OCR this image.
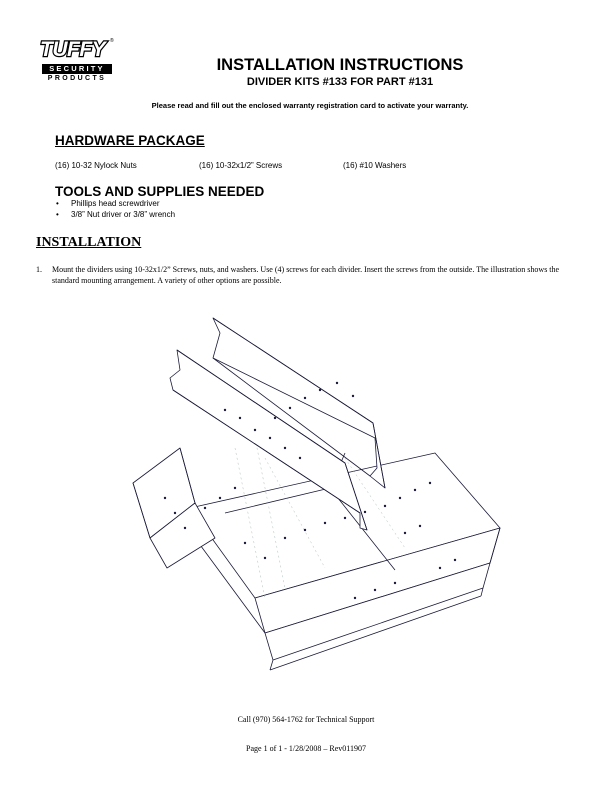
TUFFY ®
SECURITY
PRODUCTS
INSTALLATION INSTRUCTIONS
DIVIDER KITS #133 FOR PART #131
Please read and fill out the enclosed warranty registration card to activate your warranty.
HARDWARE PACKAGE
(16) 10-32 Nylock Nuts	(16) 10-32x1/2” Screws	(16) #10 Washers
TOOLS AND SUPPLIES NEEDED
• Phillips head screwdriver
• 3/8” Nut driver or 3/8” wrench
INSTALLATION
1. Mount the dividers using 10-32x1/2” Screws, nuts, and washers. Use (4) screws for each divider. Insert the screws from the outside. The illustration shows the standard mounting arrangement. A variety of other options are possible.
Call (970) 564-1762 for Technical Support
Page 1 of 1 - 1/28/2008 – Rev011907
